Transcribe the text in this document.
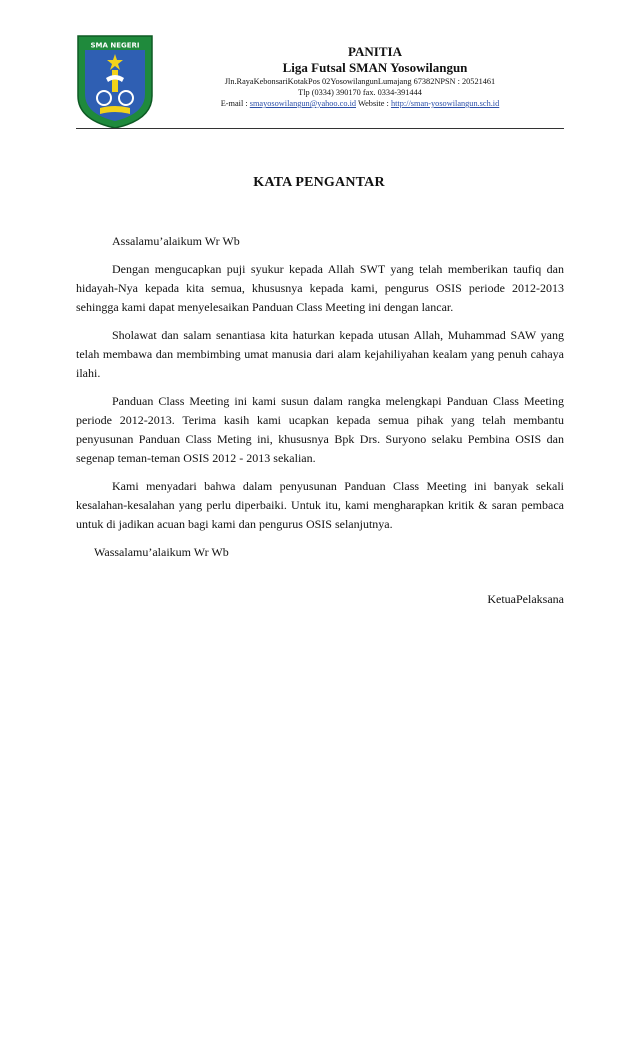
SMA NEGERI	PANITIA
Liga Futsal SMAN Yosowilangun
Jln.RayaKebonsariKotakPos 02YosowilangunLumajang 67382NPSN : 20521461
Tlp (0334) 390170 fax. 0334-391444
E-mail : smayosowilangun@yahoo.co.id Website : http://sman-yosowilangun.sch.id
KATA PENGANTAR

Assalamu’alaikum Wr Wb

Dengan mengucapkan puji syukur kepada Allah SWT yang telah memberikan taufiq dan hidayah-Nya kepada kita semua, khususnya kepada kami, pengurus OSIS periode 2012-2013 sehingga kami dapat menyelesaikan Panduan Class Meeting ini dengan lancar.

Sholawat dan salam senantiasa kita haturkan kepada utusan Allah, Muhammad SAW yang telah membawa dan membimbing umat manusia dari alam kejahiliyahan kealam yang penuh cahaya ilahi.

Panduan Class Meeting ini kami susun dalam rangka melengkapi Panduan Class Meeting periode 2012-2013. Terima kasih kami ucapkan kepada semua pihak yang telah membantu penyusunan Panduan Class Meting ini, khususnya Bpk Drs. Suryono selaku Pembina OSIS dan segenap teman-teman OSIS 2012 - 2013 sekalian.

Kami menyadari bahwa dalam penyusunan Panduan Class Meeting ini banyak sekali kesalahan-kesalahan yang perlu diperbaiki. Untuk itu, kami mengharapkan kritik & saran pembaca untuk di jadikan acuan bagi kami dan pengurus OSIS selanjutnya.

Wassalamu’alaikum Wr Wb

KetuaPelaksana
